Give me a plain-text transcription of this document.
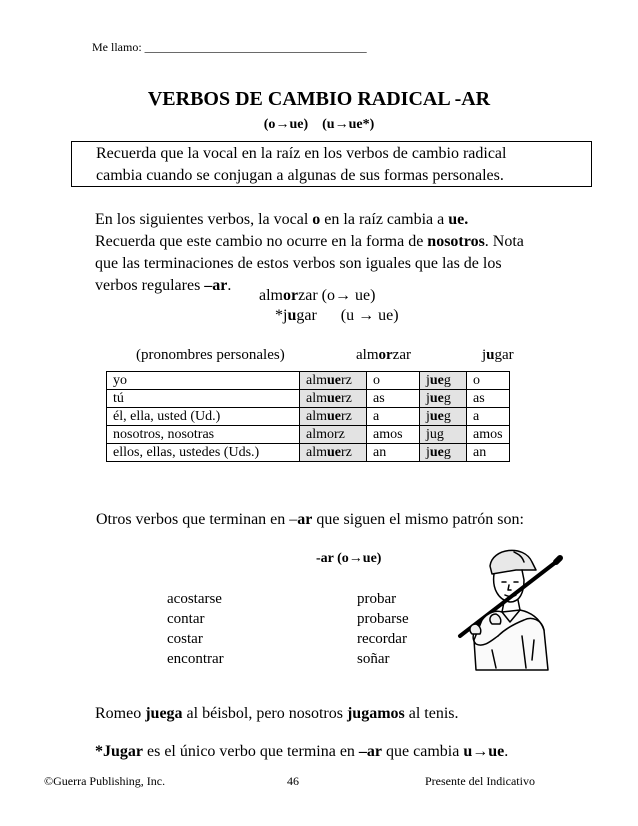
Me llamo: _____________________________________
VERBOS DE CAMBIO RADICAL -AR
(o→ue) (u→ue*)

Recuerda que la vocal en la raíz en los verbos de cambio radical

cambia cuando se conjugan a algunas de sus formas personales.

En los siguientes verbos, la vocal o en la raíz cambia a ue.
Recuerda que este cambio no ocurre en la forma de nosotros. Nota
que las terminaciones de estos verbos son iguales que las de los
verbos regulares –ar.
almorzar (o→ ue)
*jugar      (u → ue)
(pronombres personales)	almorzar	jugar
yo	almuerz	o	jueg	o
tú	almuerz	as	jueg	as
él, ella, usted (Ud.)	almuerz	a	jueg	a
nosotros, nosotras	almorz	amos	jug	amos
ellos, ellas, ustedes (Uds.)	almuerz	an	jueg	an
Otros verbos que terminan en –ar que siguen el mismo patrón son:
-ar (o→ue)
acostarse
contar
costar
encontrar
probar
probarse
recordar
soñar
Romeo juega al béisbol, pero nosotros jugamos al tenis.
*Jugar es el único verbo que termina en –ar que cambia u→ue.
©Guerra Publishing, Inc.	46	Presente del Indicativo
